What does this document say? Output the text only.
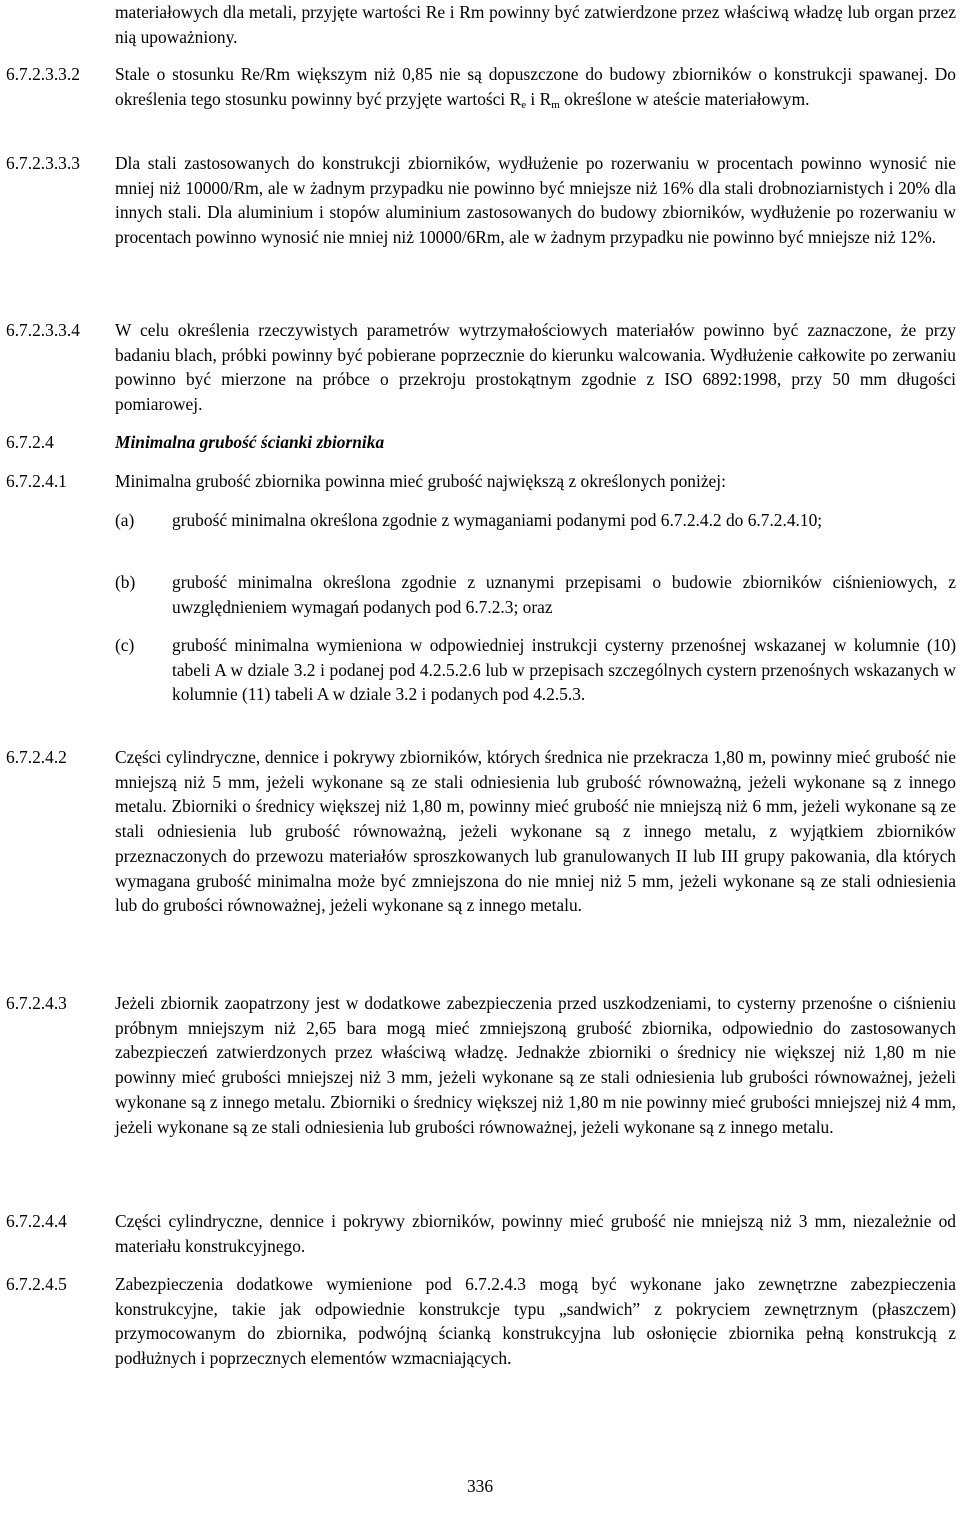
materiałowych dla metali, przyjęte wartości Re i Rm powinny być zatwierdzone przez właściwą władzę lub organ przez nią upoważniony.
6.7.2.3.3.2 Stale o stosunku Re/Rm większym niż 0,85 nie są dopuszczone do budowy zbiorników o konstrukcji spawanej. Do określenia tego stosunku powinny być przyjęte wartości $R_e$ i $R_m$ określone w ateście materiałowym.
6.7.2.3.3.3 Dla stali zastosowanych do konstrukcji zbiorników, wydłużenie po rozerwaniu w procentach powinno wynosić nie mniej niż 10000/Rm, ale w żadnym przypadku nie powinno być mniejsze niż 16% dla stali drobnoziarnistych i 20% dla innych stali. Dla aluminium i stopów aluminium zastosowanych do budowy zbiorników, wydłużenie po rozerwaniu w procentach powinno wynosić nie mniej niż 10000/6Rm, ale w żadnym przypadku nie powinno być mniejsze niż 12%.
6.7.2.3.3.4 W celu określenia rzeczywistych parametrów wytrzymałościowych materiałów powinno być zaznaczone, że przy badaniu blach, próbki powinny być pobierane poprzecznie do kierunku walcowania. Wydłużenie całkowite po zerwaniu powinno być mierzone na próbce o przekroju prostokątnym zgodnie z ISO 6892:1998, przy 50 mm długości pomiarowej.
6.7.2.4	Minimalna grubość ścianki zbiornika
6.7.2.4.1	Minimalna grubość zbiornika powinna mieć grubość największą z określonych poniżej:
(a) grubość minimalna określona zgodnie z wymaganiami podanymi pod 6.7.2.4.2 do 6.7.2.4.10;
(b) grubość minimalna określona zgodnie z uznanymi przepisami o budowie zbiorników ciśnieniowych, z uwzględnieniem wymagań podanych pod 6.7.2.3; oraz
(c) grubość minimalna wymieniona w odpowiedniej instrukcji cysterny przenośnej wskazanej w kolumnie (10) tabeli A w dziale 3.2 i podanej pod 4.2.5.2.6 lub w przepisach szczególnych cystern przenośnych wskazanych w kolumnie (11) tabeli A w dziale 3.2 i podanych pod 4.2.5.3.
6.7.2.4.2	Części cylindryczne, dennice i pokrywy zbiorników, których średnica nie przekracza 1,80 m, powinny mieć grubość nie mniejszą niż 5 mm, jeżeli wykonane są ze stali odniesienia lub grubość równoważną, jeżeli wykonane są z innego metalu. Zbiorniki o średnicy większej niż 1,80 m, powinny mieć grubość nie mniejszą niż 6 mm, jeżeli wykonane są ze stali odniesienia lub grubość równoważną, jeżeli wykonane są z innego metalu, z wyjątkiem zbiorników przeznaczonych do przewozu materiałów sproszkowanych lub granulowanych II lub III grupy pakowania, dla których wymagana grubość minimalna może być zmniejszona do nie mniej niż 5 mm, jeżeli wykonane są ze stali odniesienia lub do grubości równoważnej, jeżeli wykonane są z innego metalu.
6.7.2.4.3	Jeżeli zbiornik zaopatrzony jest w dodatkowe zabezpieczenia przed uszkodzeniami, to cysterny przenośne o ciśnieniu próbnym mniejszym niż 2,65 bara mogą mieć zmniejszoną grubość zbiornika, odpowiednio do zastosowanych zabezpieczeń zatwierdzonych przez właściwą władzę. Jednakże zbiorniki o średnicy nie większej niż 1,80 m nie powinny mieć grubości mniejszej niż 3 mm, jeżeli wykonane są ze stali odniesienia lub grubości równoważnej, jeżeli wykonane są z innego metalu. Zbiorniki o średnicy większej niż 1,80 m nie powinny mieć grubości mniejszej niż 4 mm, jeżeli wykonane są ze stali odniesienia lub grubości równoważnej, jeżeli wykonane są z innego metalu.
6.7.2.4.4	Części cylindryczne, dennice i pokrywy zbiorników, powinny mieć grubość nie mniejszą niż 3 mm, niezależnie od materiału konstrukcyjnego.
6.7.2.4.5	Zabezpieczenia dodatkowe wymienione pod 6.7.2.4.3 mogą być wykonane jako zewnętrzne zabezpieczenia konstrukcyjne, takie jak odpowiednie konstrukcje typu „sandwich” z pokryciem zewnętrznym (płaszczem) przymocowanym do zbiornika, podwójną ścianką konstrukcyjna lub osłonięcie zbiornika pełną konstrukcją z podłużnych i poprzecznych elementów wzmacniających.
336
